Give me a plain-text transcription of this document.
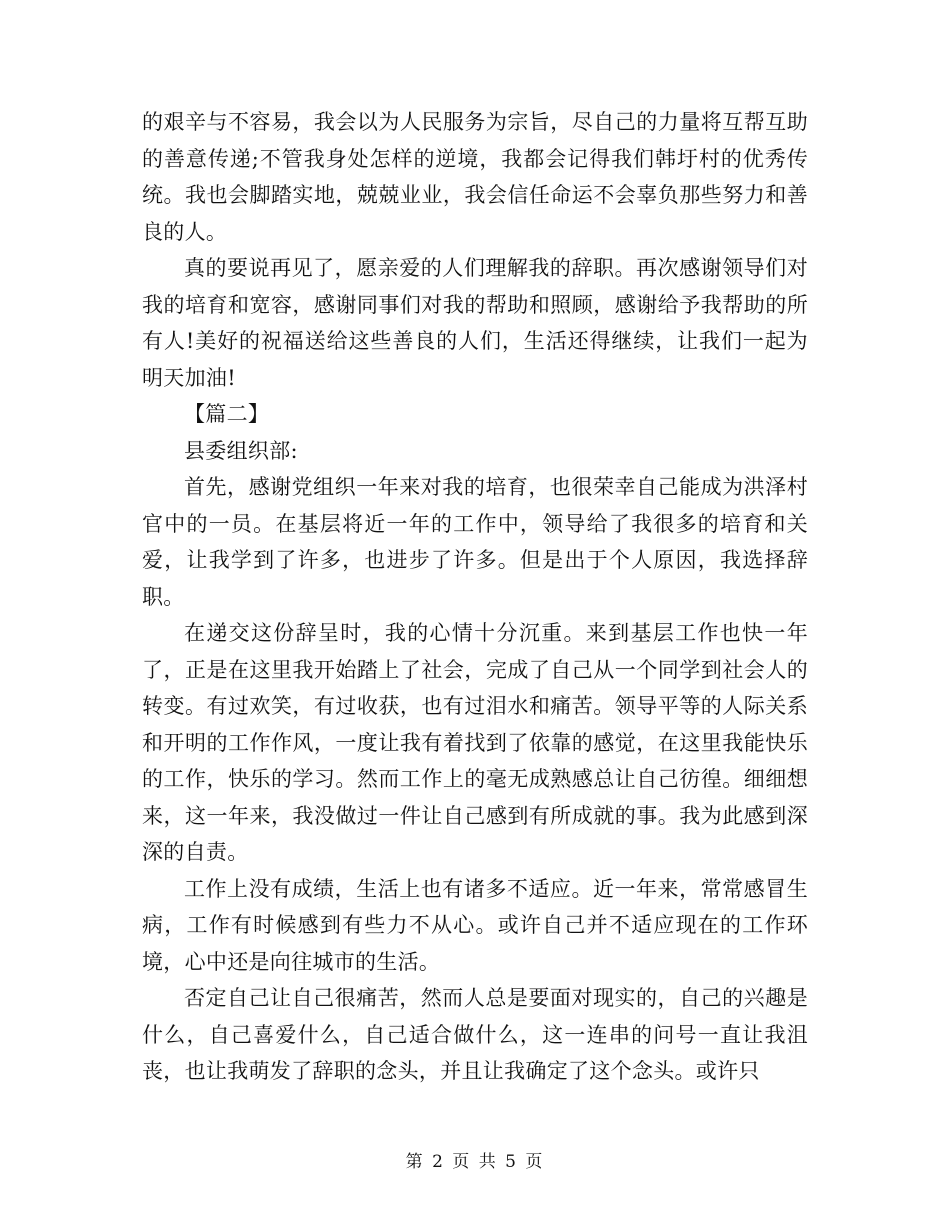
的艰辛与不容易，我会以为人民服务为宗旨，尽自己的力量将互帮互助的善意传递;不管我身处怎样的逆境，我都会记得我们韩圩村的优秀传统。我也会脚踏实地，兢兢业业，我会信任命运不会辜负那些努力和善良的人。

真的要说再见了，愿亲爱的人们理解我的辞职。再次感谢领导们对我的培育和宽容，感谢同事们对我的帮助和照顾，感谢给予我帮助的所有人!美好的祝福送给这些善良的人们，生活还得继续，让我们一起为明天加油!

【篇二】

县委组织部:

首先，感谢党组织一年来对我的培育，也很荣幸自己能成为洪泽村官中的一员。在基层将近一年的工作中，领导给了我很多的培育和关爱，让我学到了许多，也进步了许多。但是出于个人原因，我选择辞职。

在递交这份辞呈时，我的心情十分沉重。来到基层工作也快一年了，正是在这里我开始踏上了社会，完成了自己从一个同学到社会人的转变。有过欢笑，有过收获，也有过泪水和痛苦。领导平等的人际关系和开明的工作作风，一度让我有着找到了依靠的感觉，在这里我能快乐的工作，快乐的学习。然而工作上的毫无成熟感总让自己彷徨。细细想来，这一年来，我没做过一件让自己感到有所成就的事。我为此感到深深的自责。

工作上没有成绩，生活上也有诸多不适应。近一年来，常常感冒生病，工作有时候感到有些力不从心。或许自己并不适应现在的工作环境，心中还是向往城市的生活。

否定自己让自己很痛苦，然而人总是要面对现实的，自己的兴趣是什么，自己喜爱什么，自己适合做什么，这一连串的问号一直让我沮丧，也让我萌发了辞职的念头，并且让我确定了这个念头。或许只

第 2 页 共 5 页
